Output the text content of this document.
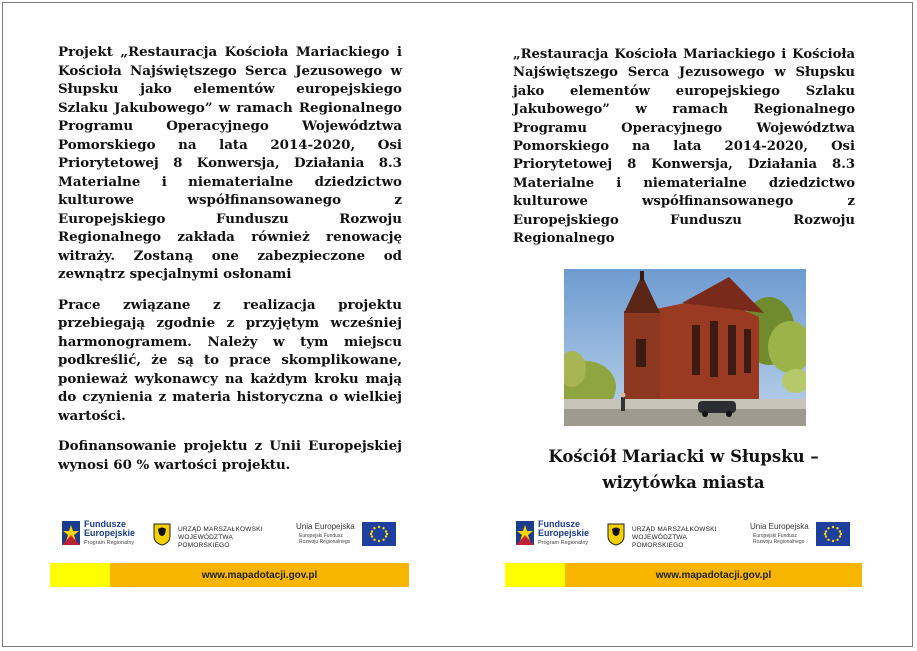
Projekt „Restauracja Kościoła Mariackiego i Kościoła Najświętszego Serca Jezusowego w Słupsku jako elementów europejskiego Szlaku Jakubowego” w ramach Regionalnego Programu Operacyjnego Województwa Pomorskiego na lata 2014-2020, Osi Priorytetowej 8 Konwersja, Działania 8.3 Materialne i niematerialne dziedzictwo kulturowe współfinansowanego z Europejskiego Funduszu Rozwoju Regionalnego zakłada również renowację witraży. Zostaną one zabezpieczone od zewnątrz specjalnymi osłonami

Prace związane z realizacja projektu przebiegają zgodnie z przyjętym wcześniej harmonogramem. Należy w tym miejscu podkreślić, że są to prace skomplikowane, ponieważ wykonawcy na każdym kroku mają do czynienia z materia historyczna o wielkiej wartości.

Dofinansowanie projektu z Unii Europejskiej wynosi 60 % wartości projektu.

Fundusze
Europejskie
Program Regionalny
URZĄD MARSZAŁKOWSKI
WOJEWÓDZTWA POMORSKIEGO
Unia Europejska
Europejski Fundusz
Rozwoju Regionalnego
www.mapadotacji.gov.pl

„Restauracja Kościoła Mariackiego i Kościoła Najświętszego Serca Jezusowego w Słupsku jako elementów europejskiego Szlaku Jakubowego” w ramach Regionalnego Programu Operacyjnego Województwa Pomorskiego na lata 2014-2020, Osi Priorytetowej 8 Konwersja, Działania 8.3 Materialne i niematerialne dziedzictwo kulturowe współfinansowanego z Europejskiego Funduszu Rozwoju Regionalnego

Kościół Mariacki w Słupsku –
wizytówka miasta
Fundusze
Europejskie
Program Regionalny
URZĄD MARSZAŁKOWSKI
WOJEWÓDZTWA POMORSKIEGO
Unia Europejska
Europejski Fundusz
Rozwoju Regionalnego
www.mapadotacji.gov.pl
